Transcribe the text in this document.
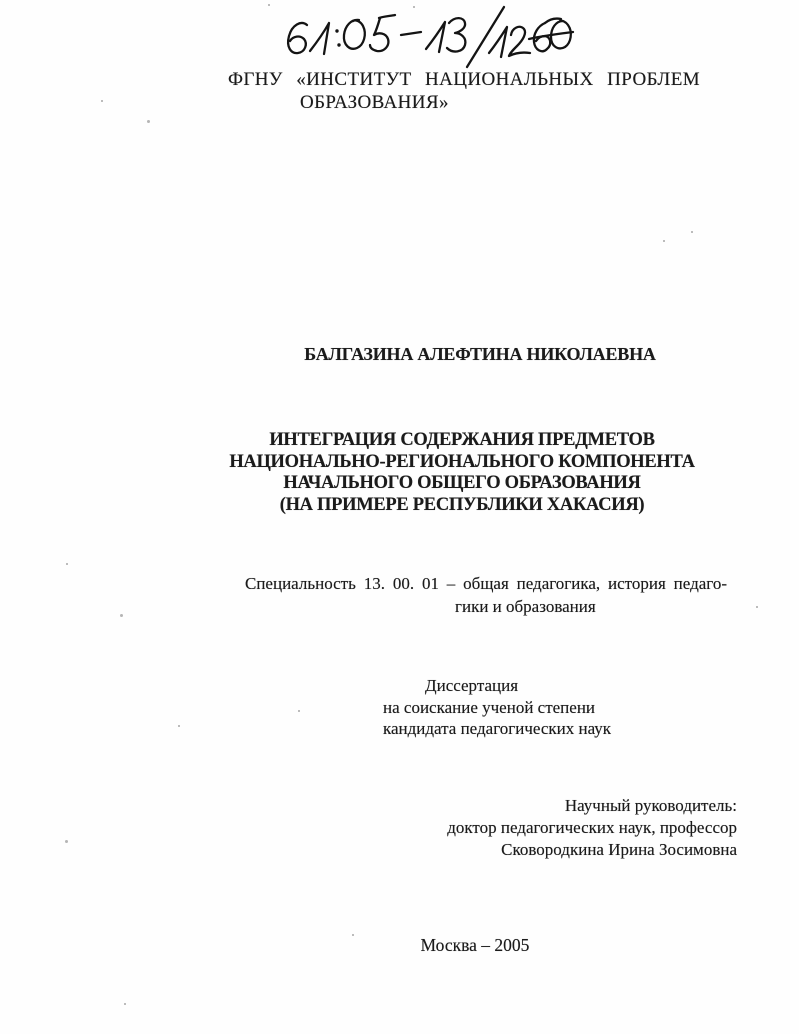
ФГНУ «ИНСТИТУТ НАЦИОНАЛЬНЫХ ПРОБЛЕМ
ОБРАЗОВАНИЯ»
БАЛГАЗИНА АЛЕФТИНА НИКОЛАЕВНА
ИНТЕГРАЦИЯ СОДЕРЖАНИЯ ПРЕДМЕТОВ
НАЦИОНАЛЬНО-РЕГИОНАЛЬНОГО КОМПОНЕНТА
НАЧАЛЬНОГО ОБЩЕГО ОБРАЗОВАНИЯ
(НА ПРИМЕРЕ РЕСПУБЛИКИ ХАКАСИЯ)
Специальность 13. 00. 01 – общая педагогика, история педаго-
гики и образования
Диссертация
на соискание ученой степени
кандидата педагогических наук
Научный руководитель:
доктор педагогических наук, профессор
Сковородкина Ирина Зосимовна
Москва – 2005
